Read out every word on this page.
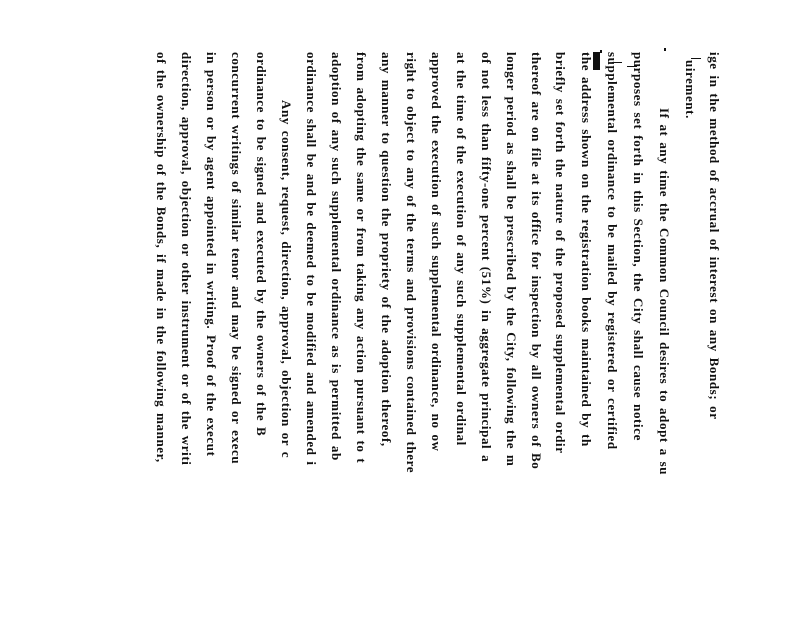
ige in the method of accrual of interest on any Bonds; or
uirement.
If at any time the Common Council desires to adopt a su
purposes set forth in this Section, the City shall cause notice
supplemental ordinance to be mailed by registered or certified
the address shown on the registration books maintained by th
briefly set forth the nature of the proposed supplemental ordir
thereof are on file at its office for inspection by all owners of Bo
longer period as shall be prescribed by the City, following the m
of not less than fifty-one percent (51%) in aggregate principal a
at the time of the execution of any such supplemental ordinal
approved the execution of such supplemental ordinance, no ow
right to object to any of the terms and provisions contained there
any manner to question the propriety of the adoption thereof,
from adopting the same or from taking any action pursuant to t
adoption of any such supplemental ordinance as is permitted ab
ordinance shall be and be deemed to be modified and amended i
Any consent, request, direction, approval, objection or c
ordinance to be signed and executed by the owners of the B
concurrent writings of similar tenor and may be signed or execu
in person or by agent appointed in writing. Proof of the execut
direction, approval, objection or other instrument or of the writi
of the ownership of the Bonds, if made in the following manner,
